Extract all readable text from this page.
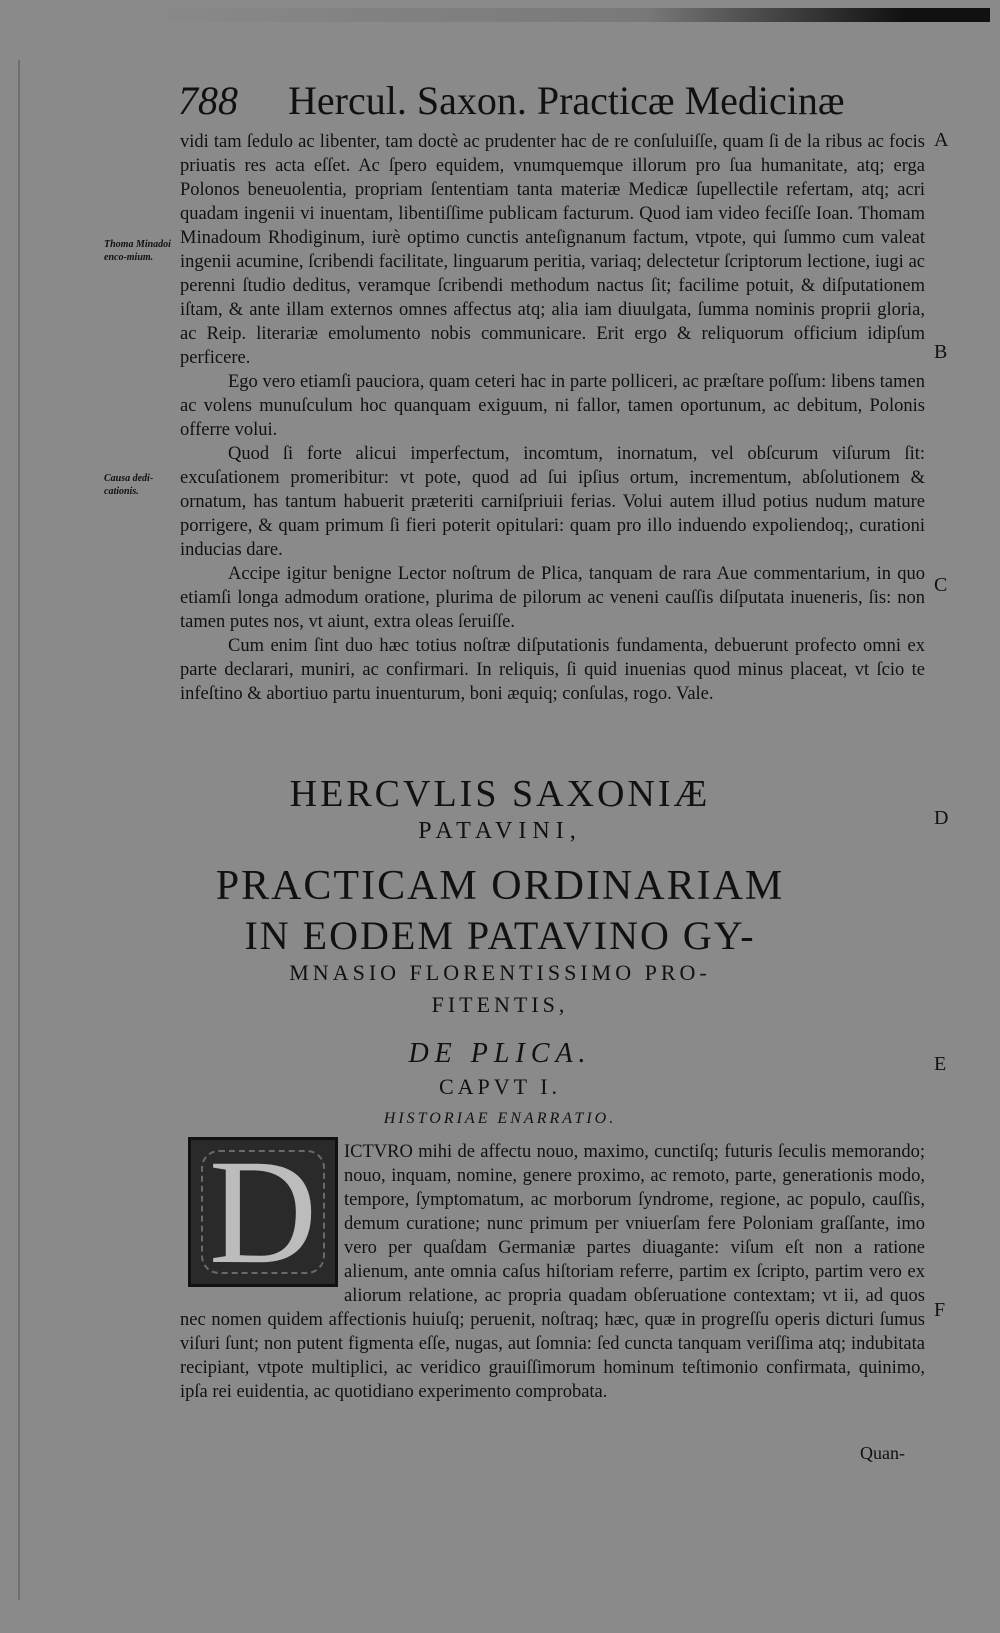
788 Hercul. Saxon. Practicæ Medicinæ
A
B
C
D
E
F
Thoma Minadoi enco-mium.
Causa dedi-cationis.

vidi tam ſedulo ac libenter, tam doctè ac prudenter hac de re conſuluiſſe, quam ſi de la ribus ac focis priuatis res acta eſſet. Ac ſpero equidem, vnumquemque illorum pro ſua humanitate, atq; erga Polonos beneuolentia, propriam ſententiam tanta materiæ Medicæ ſupellectile refertam, atq; acri quadam ingenii vi inuentam, libentiſſime publicam facturum. Quod iam video feciſſe Ioan. Thomam Minadoum Rhodiginum, iurè optimo cunctis anteſignanum factum, vtpote, qui ſummo cum valeat ingenii acumine, ſcribendi facilitate, linguarum peritia, variaq; delectetur ſcriptorum lectione, iugi ac perenni ſtudio deditus, veramque ſcribendi methodum nactus ſit; facilime potuit, & diſputationem iſtam, & ante illam externos omnes affectus atq; alia iam diuulgata, ſumma nominis proprii gloria, ac Reip. literariæ emolumento nobis communicare. Erit ergo & reliquorum officium idipſum perficere.

Ego vero etiamſi pauciora, quam ceteri hac in parte polliceri, ac præſtare poſſum: libens tamen ac volens munuſculum hoc quanquam exiguum, ni fallor, tamen oportunum, ac debitum, Polonis offerre volui.

Quod ſi forte alicui imperfectum, incomtum, inornatum, vel obſcurum viſurum ſit: excuſationem promeribitur: vt pote, quod ad ſui ipſius ortum, incrementum, abſolutionem & ornatum, has tantum habuerit præteriti carniſpriuii ferias. Volui autem illud potius nudum mature porrigere, & quam primum ſi fieri poterit opitulari: quam pro illo induendo expoliendoq;, curationi inducias dare.

Accipe igitur benigne Lector noſtrum de Plica, tanquam de rara Aue commentarium, in quo etiamſi longa admodum oratione, plurima de pilorum ac veneni cauſſis diſputata inueneris, ſis: non tamen putes nos, vt aiunt, extra oleas ſeruiſſe.

Cum enim ſint duo hæc totius noſtræ diſputationis fundamenta, debuerunt profecto omni ex parte declarari, muniri, ac confirmari. In reliquis, ſi quid inuenias quod minus placeat, vt ſcio te infeſtino & abortiuo partu inuenturum, boni æquiq; conſulas, rogo. Vale.

HERCVLIS SAXONIÆ
PATAVINI,
PRACTICAM ORDINARIAM
IN EODEM PATAVINO GY-
MNASIO FLORENTISSIMO PRO-
FITENTIS,
DE PLICA.
CAPVT I.
HISTORIAE ENARRATIO.
D	ICTVRO mihi de affectu nouo, maximo, cunctiſq; futuris ſeculis memorando; nouo, inquam, nomine, genere proximo, ac remoto, parte, generationis modo, tempore, ſymptomatum, ac morborum ſyndrome, regione, ac populo, cauſſis, demum curatione; nunc primum per vniuerſam fere Poloniam graſſante, imo vero per quaſdam Germaniæ partes diuagante: viſum eſt non a ratione alienum, ante omnia caſus hiſtoriam referre, partim ex ſcripto, partim vero ex aliorum relatione, ac propria quadam obſeruatione contextam; vt ii, ad quos nec nomen quidem affectionis huiuſq; peruenit, noſtraq; hæc, quæ in progreſſu operis dicturi ſumus viſuri ſunt; non putent figmenta eſſe, nugas, aut ſomnia: ſed cuncta tanquam veriſſima atq; indubitata recipiant, vtpote multiplici, ac veridico grauiſſimorum hominum teſtimonio confirmata, quinimo, ipſa rei euidentia, ac quotidiano experimento comprobata.

Quan-
